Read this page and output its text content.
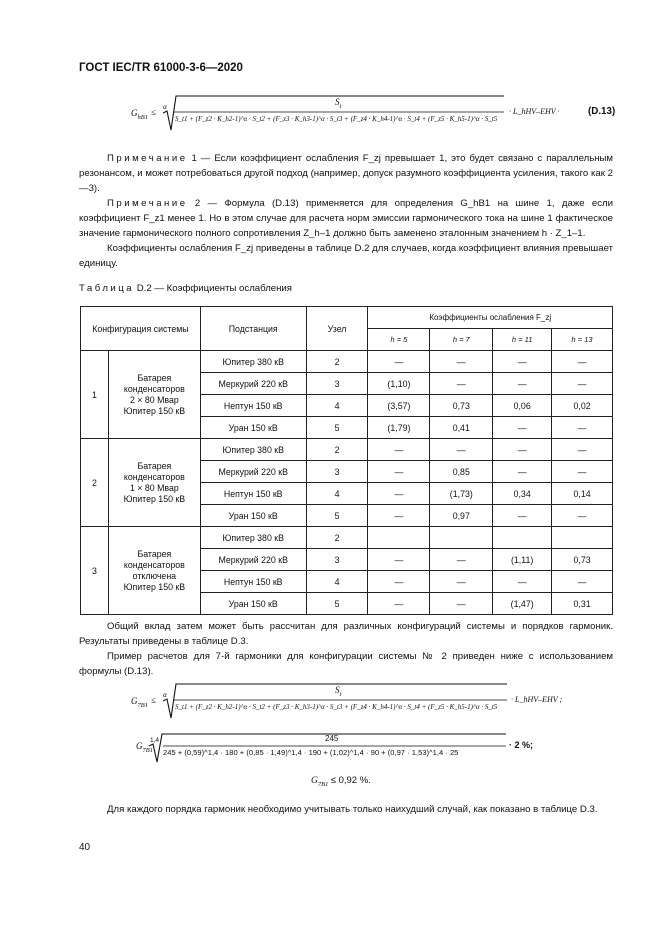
ГОСТ IEC/TR 61000-3-6—2020
$G_{hB1}$
≤ α
$S_t$
S_t1 + (F_z2 · K_h2-1)^α · S_t2 + (F_z3 · K_h3-1)^α · S_t3 + (F_z4 · K_h4-1)^α · S_t4 + (F_z5 · K_h5-1)^α · S_t5
· L_hHV–EHV ·	(D.13)
Примечание 1 — Если коэффициент ослабления F_zj превышает 1, это будет связано с параллельным резонансом, и может потребоваться другой подход (например, допуск разумного коэффициента усиления, такого как 2—3).
Примечание 2 — Формула (D.13) применяется для определения G_hB1 на шине 1, даже если коэффициент F_z1 менее 1. Но в этом случае для расчета норм эмиссии гармонического тока на шине 1 фактическое значение гармонического полного сопротивления Z_h–1 должно быть заменено эталонным значением h · Z_1–1.
Коэффициенты ослабления F_zj приведены в таблице D.2 для случаев, когда коэффициент влияния превышает единицу.
Таблица D.2 — Коэффициенты ослабления
Конфигурация системы		Подстанция	Узел	Коэффициенты ослабления F_zj			
				h = 5	h = 7	h = 11	h = 13
1	Батарея
конденсаторов
2 × 80 Мвар
Юпитер 150 кВ	Юпитер 380 кВ	2	—	—	—	—
		Меркурий 220 кВ	3	(1,10)	—	—	—
		Нептун 150 кВ	4	(3,57)	0,73	0,06	0,02
		Уран 150 кВ	5	(1,79)	0,41	—	—
2	Батарея
конденсаторов
1 × 80 Мвар
Юпитер 150 кВ	Юпитер 380 кВ	2	—	—	—	—
		Меркурий 220 кВ	3	—	0,85	—	—
		Нептун 150 кВ	4	—	(1,73)	0,34	0,14
		Уран 150 кВ	5	—	0,97	—	—
3	Батарея
конденсаторов
отключена
Юпитер 150 кВ	Юпитер 380 кВ	2				
		Меркурий 220 кВ	3	—	—	(1,11)	0,73
		Нептун 150 кВ	4	—	—	—	—
		Уран 150 кВ	5	—	—	(1,47)	0,31
Общий вклад затем может быть рассчитан для различных конфигураций системы и порядков гармоник. Результаты приведены в таблице D.3.
Пример расчетов для 7-й гармоники для конфигурации системы № 2 приведен ниже с использованием формулы (D.13).
$G_{7B1}$
≤ α
$S_t$
S_t1 + (F_z2 · K_h2-1)^α · S_t2 + (F_z3 · K_h3-1)^α · S_t3 + (F_z4 · K_h4-1)^α · S_t4 + (F_z5 · K_h5-1)^α · S_t5
· L_hHV–EHV ;
$G_{7B1}$
1,4	245
245 + (0,59)^1,4 · 180 + (0,85 · 1,49)^1,4 · 190 + (1,02)^1,4 · 90 + (0,97 · 1,53)^1,4 · 25
· 2 %;
$G_{7B1} \le 0,92$ %.
Для каждого порядка гармоник необходимо учитывать только наихудший случай, как показано в таблице D.3.
40
